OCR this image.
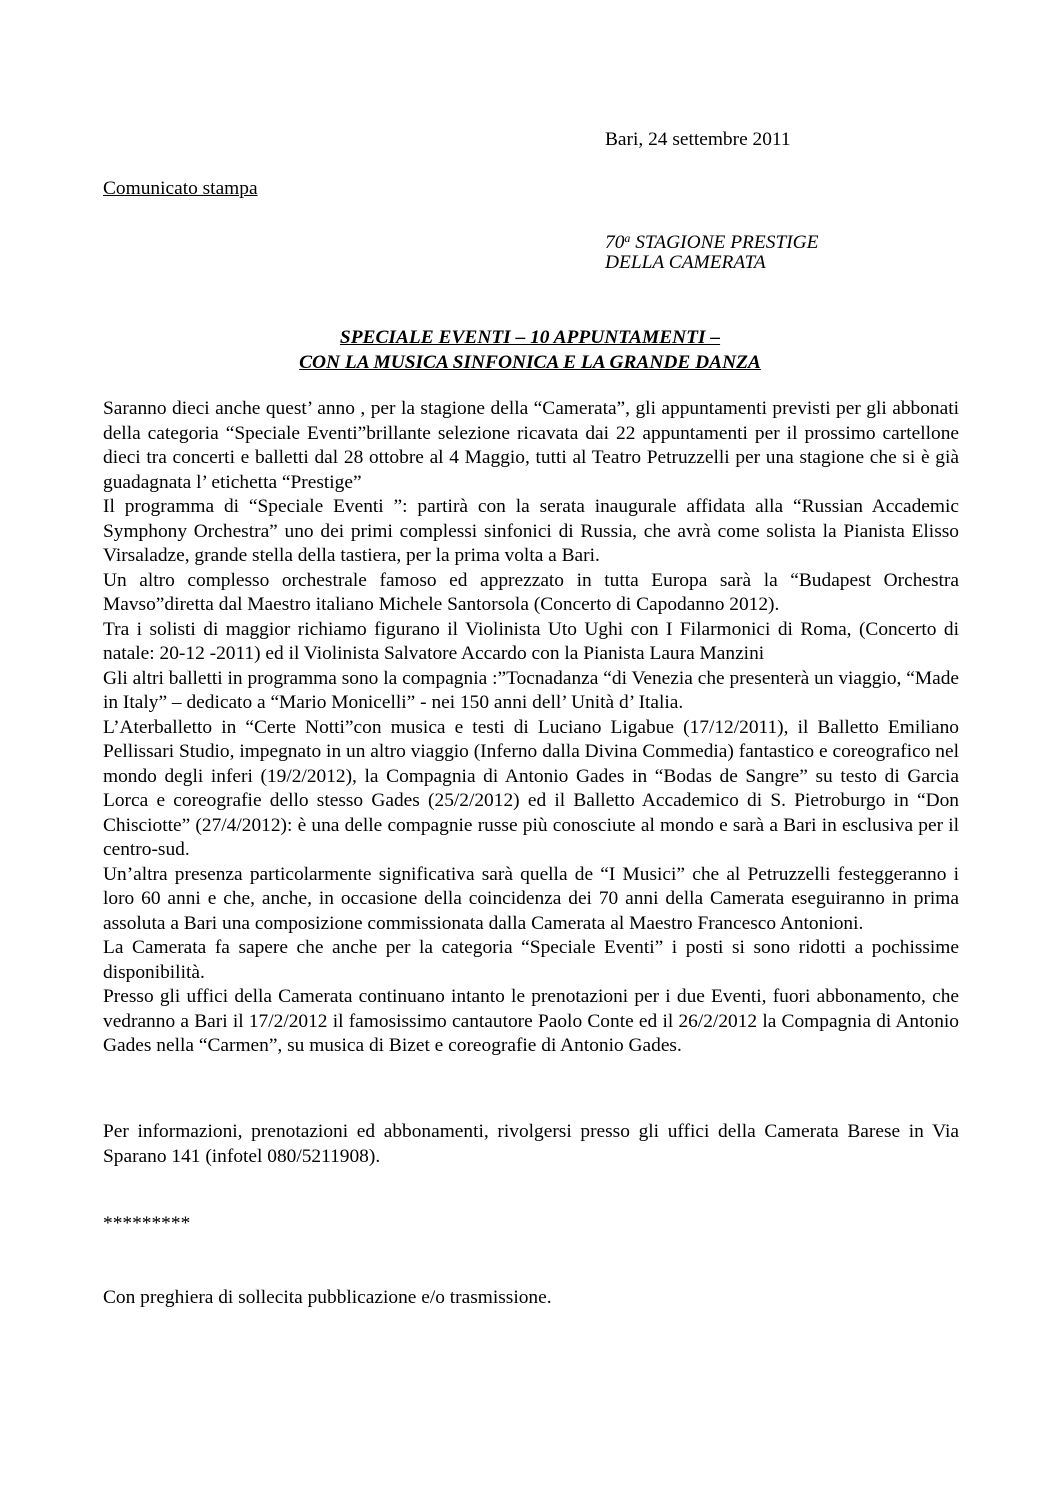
Bari, 24 settembre 2011
Comunicato stampa
70$^a$ STAGIONE PRESTIGE
DELLA CAMERATA
SPECIALE EVENTI – 10 APPUNTAMENTI –
CON LA MUSICA SINFONICA E LA GRANDE DANZA

Saranno dieci anche quest’ anno , per la stagione della “Camerata”, gli appuntamenti previsti per gli abbonati della categoria “Speciale Eventi”brillante selezione ricavata dai 22 appuntamenti per il prossimo cartellone dieci tra concerti e balletti dal 28 ottobre al 4 Maggio, tutti al Teatro Petruzzelli per una stagione che si è già guadagnata l’ etichetta “Prestige”

Il programma di “Speciale Eventi ”: partirà con la serata inaugurale affidata alla “Russian Accademic Symphony Orchestra” uno dei primi complessi sinfonici di Russia, che avrà come solista la Pianista Elisso Virsaladze, grande stella della tastiera, per la prima volta a Bari.

Un altro complesso orchestrale famoso ed apprezzato in tutta Europa sarà la “Budapest Orchestra Mavso”diretta dal Maestro italiano Michele Santorsola (Concerto di Capodanno 2012).

Tra i solisti di maggior richiamo figurano il Violinista Uto Ughi con I Filarmonici di Roma, (Concerto di natale: 20-12 -2011) ed il Violinista Salvatore Accardo con la Pianista Laura Manzini

Gli altri balletti in programma sono la compagnia :”Tocnadanza “di Venezia che presenterà un viaggio, “Made in Italy” – dedicato a “Mario Monicelli” - nei 150 anni dell’ Unità d’ Italia.

L’Aterballetto in “Certe Notti”con musica e testi di Luciano Ligabue (17/12/2011), il Balletto Emiliano Pellissari Studio, impegnato in un altro viaggio (Inferno dalla Divina Commedia) fantastico e coreografico nel mondo degli inferi (19/2/2012), la Compagnia di Antonio Gades in “Bodas de Sangre” su testo di Garcia Lorca e coreografie dello stesso Gades (25/2/2012) ed il Balletto Accademico di S. Pietroburgo in “Don Chisciotte” (27/4/2012): è una delle compagnie russe più conosciute al mondo e sarà a Bari in esclusiva per il centro-sud.

Un’altra presenza particolarmente significativa sarà quella de “I Musici” che al Petruzzelli festeggeranno i loro 60 anni e che, anche, in occasione della coincidenza dei 70 anni della Camerata eseguiranno in prima assoluta a Bari una composizione commissionata dalla Camerata al Maestro Francesco Antonioni.

La Camerata fa sapere che anche per la categoria “Speciale Eventi” i posti si sono ridotti a pochissime disponibilità.

Presso gli uffici della Camerata continuano intanto le prenotazioni per i due Eventi, fuori abbonamento, che vedranno a Bari il 17/2/2012 il famosissimo cantautore Paolo Conte ed il 26/2/2012 la Compagnia di Antonio Gades nella “Carmen”, su musica di Bizet e coreografie di Antonio Gades.

Per informazioni, prenotazioni ed abbonamenti, rivolgersi presso gli uffici della Camerata Barese in Via Sparano 141 (infotel 080/5211908).

*********
Con preghiera di sollecita pubblicazione e/o trasmissione.
